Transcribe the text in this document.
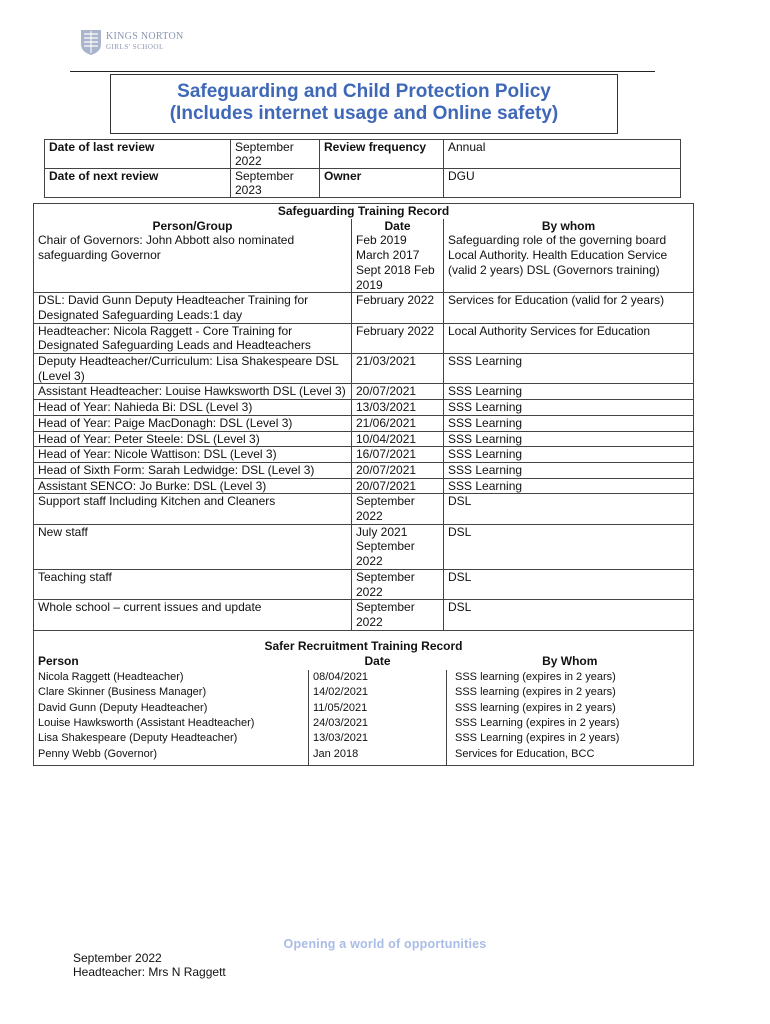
KINGS NORTON
GIRLS' SCHOOL
Safeguarding and Child Protection Policy
(Includes internet usage and Online safety)
Date of last review	September 2022	Review frequency	Annual
Date of next review	September 2023	Owner	DGU
Safeguarding Training Record		
Person/Group	Date	By whom
Chair of Governors: John Abbott also nominated safeguarding Governor	Feb 2019 March 2017 Sept 2018 Feb 2019	Safeguarding role of the governing board Local Authority. Health Education Service (valid 2 years) DSL (Governors training)
DSL: David Gunn Deputy Headteacher Training for Designated Safeguarding Leads:1 day	February 2022	Services for Education (valid for 2 years)
Headteacher: Nicola Raggett - Core Training for Designated Safeguarding Leads and Headteachers	February 2022	Local Authority Services for Education
Deputy Headteacher/Curriculum: Lisa Shakespeare DSL (Level 3)	21/03/2021	SSS Learning
Assistant Headteacher: Louise Hawksworth DSL (Level 3)	20/07/2021	SSS Learning
Head of Year: Nahieda Bi: DSL (Level 3)	13/03/2021	SSS Learning
Head of Year: Paige MacDonagh: DSL (Level 3)	21/06/2021	SSS Learning
Head of Year: Peter Steele: DSL (Level 3)	10/04/2021	SSS Learning
Head of Year: Nicole Wattison: DSL (Level 3)	16/07/2021	SSS Learning
Head of Sixth Form: Sarah Ledwidge: DSL (Level 3)	20/07/2021	SSS Learning
Assistant SENCO: Jo Burke: DSL (Level 3)	20/07/2021	SSS Learning
Support staff Including Kitchen and Cleaners	September 2022	DSL
New staff	July 2021 September 2022	DSL
Teaching staff	September 2022	DSL
Whole school – current issues and update	September 2022	DSL
Safer Recruitment Training Record		
Person	Date	By Whom
Nicola Raggett (Headteacher)	08/04/2021	SSS learning (expires in 2 years)
Clare Skinner (Business Manager)	14/02/2021	SSS learning (expires in 2 years)
David Gunn (Deputy Headteacher)	11/05/2021	SSS learning (expires in 2 years)
Louise Hawksworth (Assistant Headteacher)	24/03/2021	SSS Learning (expires in 2 years)
Lisa Shakespeare (Deputy Headteacher)	13/03/2021	SSS Learning (expires in 2 years)
Penny Webb (Governor)	Jan 2018	Services for Education, BCC
Opening a world of opportunities
September 2022
Headteacher: Mrs N Raggett
